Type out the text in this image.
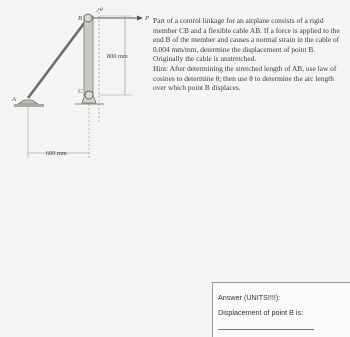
B
θ
P
C
A
800 mm
600 mm
Part of a control linkage for an airplane consists of a rigid member CB and a flexible cable AB. If a force is applied to the end B of the member and causes a normal strain in the cable of 0.004 mm/mm, determine the displacement of point B. Originally the cable is unstretched.
Hint: After determining the stretched length of AB, use law of cosines to determine θ; then use θ to determine the arc length over which point B displaces.
Answer (UNITS!!!!):
Displacement of point B is:
